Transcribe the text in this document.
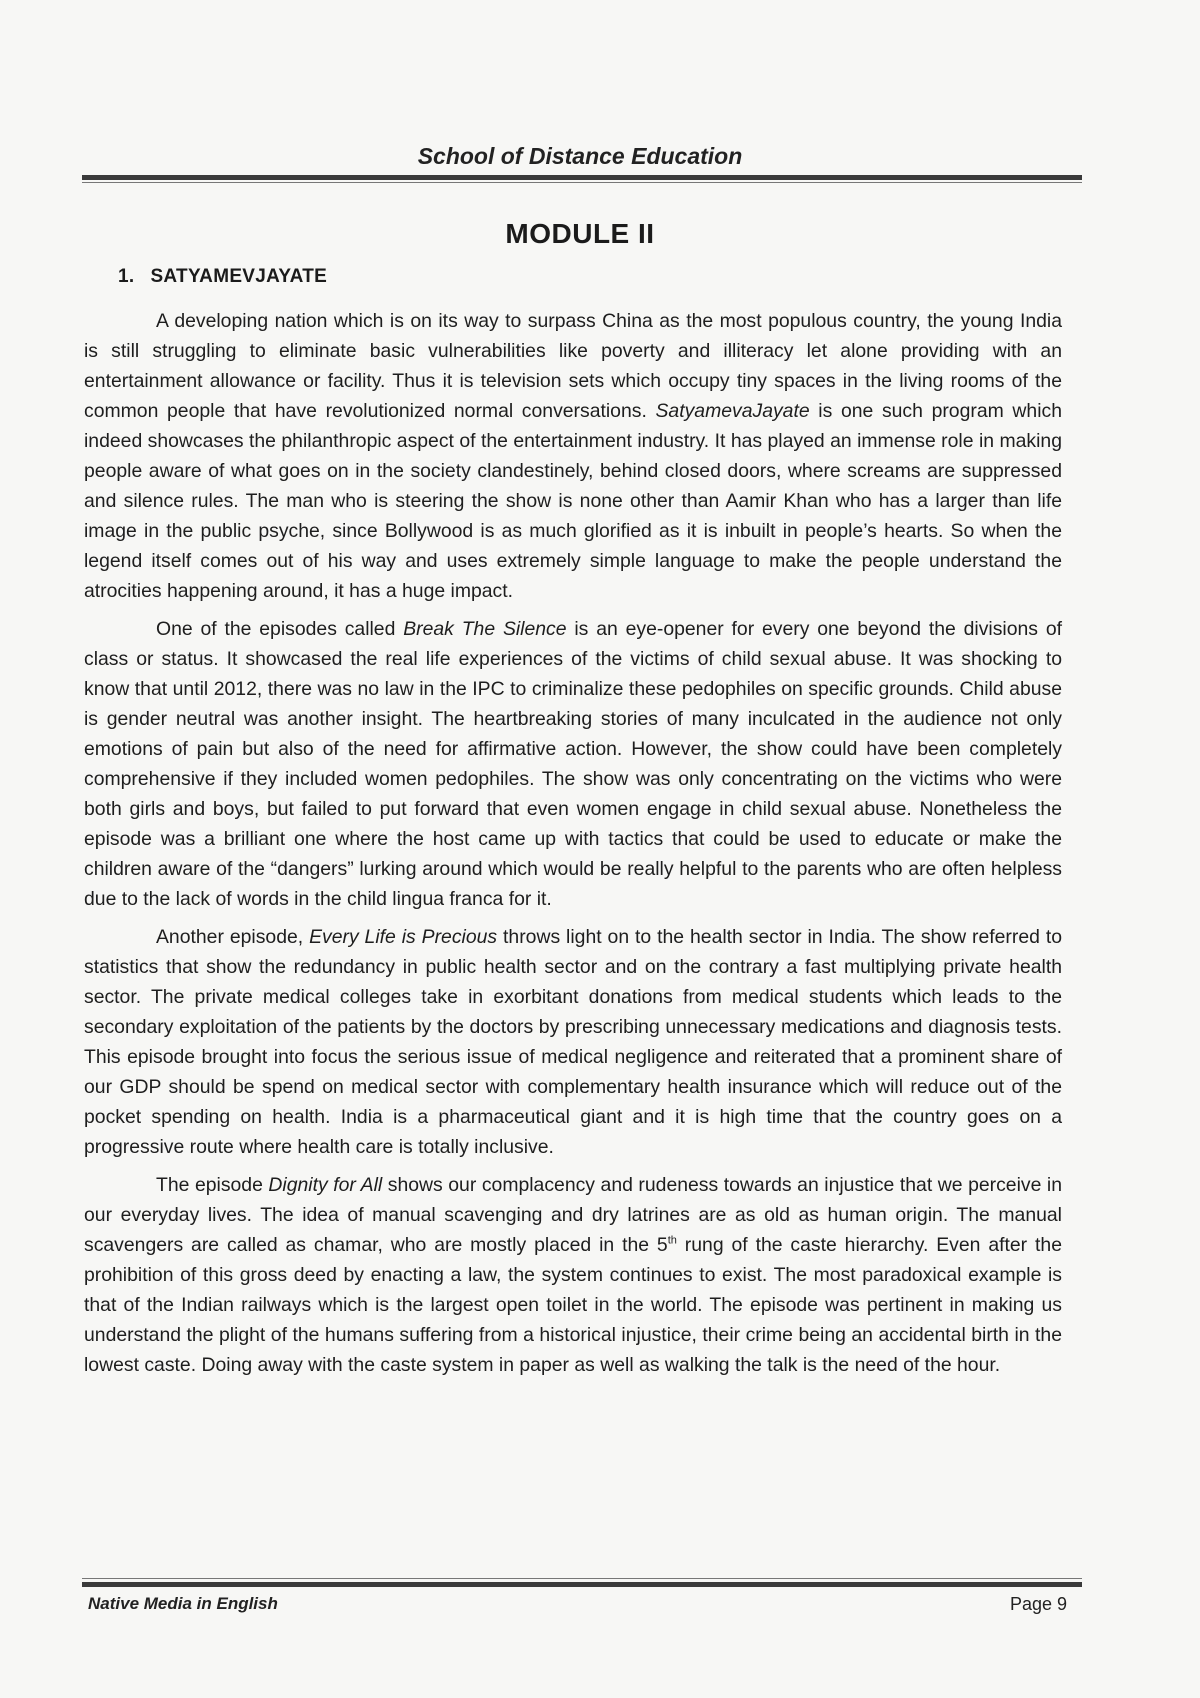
School of Distance Education
MODULE II
1. SATYAMEVJAYATE

A developing nation which is on its way to surpass China as the most populous country, the young India is still struggling to eliminate basic vulnerabilities like poverty and illiteracy let alone providing with an entertainment allowance or facility. Thus it is television sets which occupy tiny spaces in the living rooms of the common people that have revolutionized normal conversations. SatyamevaJayate is one such program which indeed showcases the philanthropic aspect of the entertainment industry. It has played an immense role in making people aware of what goes on in the society clandestinely, behind closed doors, where screams are suppressed and silence rules. The man who is steering the show is none other than Aamir Khan who has a larger than life image in the public psyche, since Bollywood is as much glorified as it is inbuilt in people’s hearts. So when the legend itself comes out of his way and uses extremely simple language to make the people understand the atrocities happening around, it has a huge impact.

One of the episodes called Break The Silence is an eye-opener for every one beyond the divisions of class or status. It showcased the real life experiences of the victims of child sexual abuse. It was shocking to know that until 2012, there was no law in the IPC to criminalize these pedophiles on specific grounds. Child abuse is gender neutral was another insight. The heartbreaking stories of many inculcated in the audience not only emotions of pain but also of the need for affirmative action. However, the show could have been completely comprehensive if they included women pedophiles. The show was only concentrating on the victims who were both girls and boys, but failed to put forward that even women engage in child sexual abuse. Nonetheless the episode was a brilliant one where the host came up with tactics that could be used to educate or make the children aware of the “dangers” lurking around which would be really helpful to the parents who are often helpless due to the lack of words in the child lingua franca for it.

Another episode, Every Life is Precious throws light on to the health sector in India. The show referred to statistics that show the redundancy in public health sector and on the contrary a fast multiplying private health sector. The private medical colleges take in exorbitant donations from medical students which leads to the secondary exploitation of the patients by the doctors by prescribing unnecessary medications and diagnosis tests. This episode brought into focus the serious issue of medical negligence and reiterated that a prominent share of our GDP should be spend on medical sector with complementary health insurance which will reduce out of the pocket spending on health. India is a pharmaceutical giant and it is high time that the country goes on a progressive route where health care is totally inclusive.

The episode Dignity for All shows our complacency and rudeness towards an injustice that we perceive in our everyday lives. The idea of manual scavenging and dry latrines are as old as human origin. The manual scavengers are called as chamar, who are mostly placed in the 5th rung of the caste hierarchy. Even after the prohibition of this gross deed by enacting a law, the system continues to exist. The most paradoxical example is that of the Indian railways which is the largest open toilet in the world. The episode was pertinent in making us understand the plight of the humans suffering from a historical injustice, their crime being an accidental birth in the lowest caste. Doing away with the caste system in paper as well as walking the talk is the need of the hour.

Native Media in English	Page 9
